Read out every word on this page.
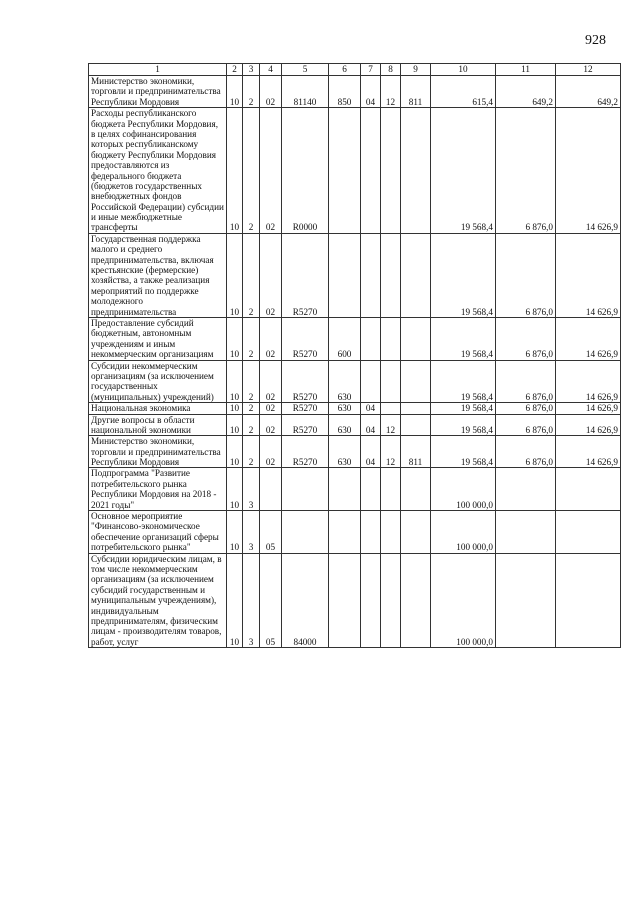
928
1	2	3	4	5	6	7	8	9	10	11	12
Министерство экономики, торговли и предпринимательства Республики Мордовия	10	2	02	81140	850	04	12	811	615,4	649,2	649,2
Расходы республиканского бюджета Республики Мордовия, в целях софинансирования которых республиканскому бюджету Республики Мордовия предоставляются из федерального бюджета (бюджетов государственных внебюджетных фондов Российской Федерации) субсидии и иные межбюджетные трансферты	10	2	02	R0000					19 568,4	6 876,0	14 626,9
Государственная поддержка малого и среднего предпринимательства, включая крестьянские (фермерские) хозяйства, а также реализация мероприятий по поддержке молодежного предпринимательства	10	2	02	R5270					19 568,4	6 876,0	14 626,9
Предоставление субсидий бюджетным, автономным учреждениям и иным некоммерческим организациям	10	2	02	R5270	600				19 568,4	6 876,0	14 626,9
Субсидии некоммерческим организациям (за исключением государственных (муниципальных) учреждений)	10	2	02	R5270	630				19 568,4	6 876,0	14 626,9
Национальная экономика	10	2	02	R5270	630	04			19 568,4	6 876,0	14 626,9
Другие вопросы в области национальной экономики	10	2	02	R5270	630	04	12		19 568,4	6 876,0	14 626,9
Министерство экономики, торговли и предпринимательства Республики Мордовия	10	2	02	R5270	630	04	12	811	19 568,4	6 876,0	14 626,9
Подпрограмма "Развитие потребительского рынка Республики Мордовия на 2018 - 2021 годы"	10	3							100 000,0		
Основное мероприятие "Финансово-экономическое обеспечение организаций сферы потребительского рынка"	10	3	05						100 000,0		
Субсидии юридическим лицам, в том числе некоммерческим организациям (за исключением субсидий государственным и муниципальным учреждениям), индивидуальным предпринимателям, физическим лицам - производителям товаров, работ, услуг	10	3	05	84000					100 000,0		
